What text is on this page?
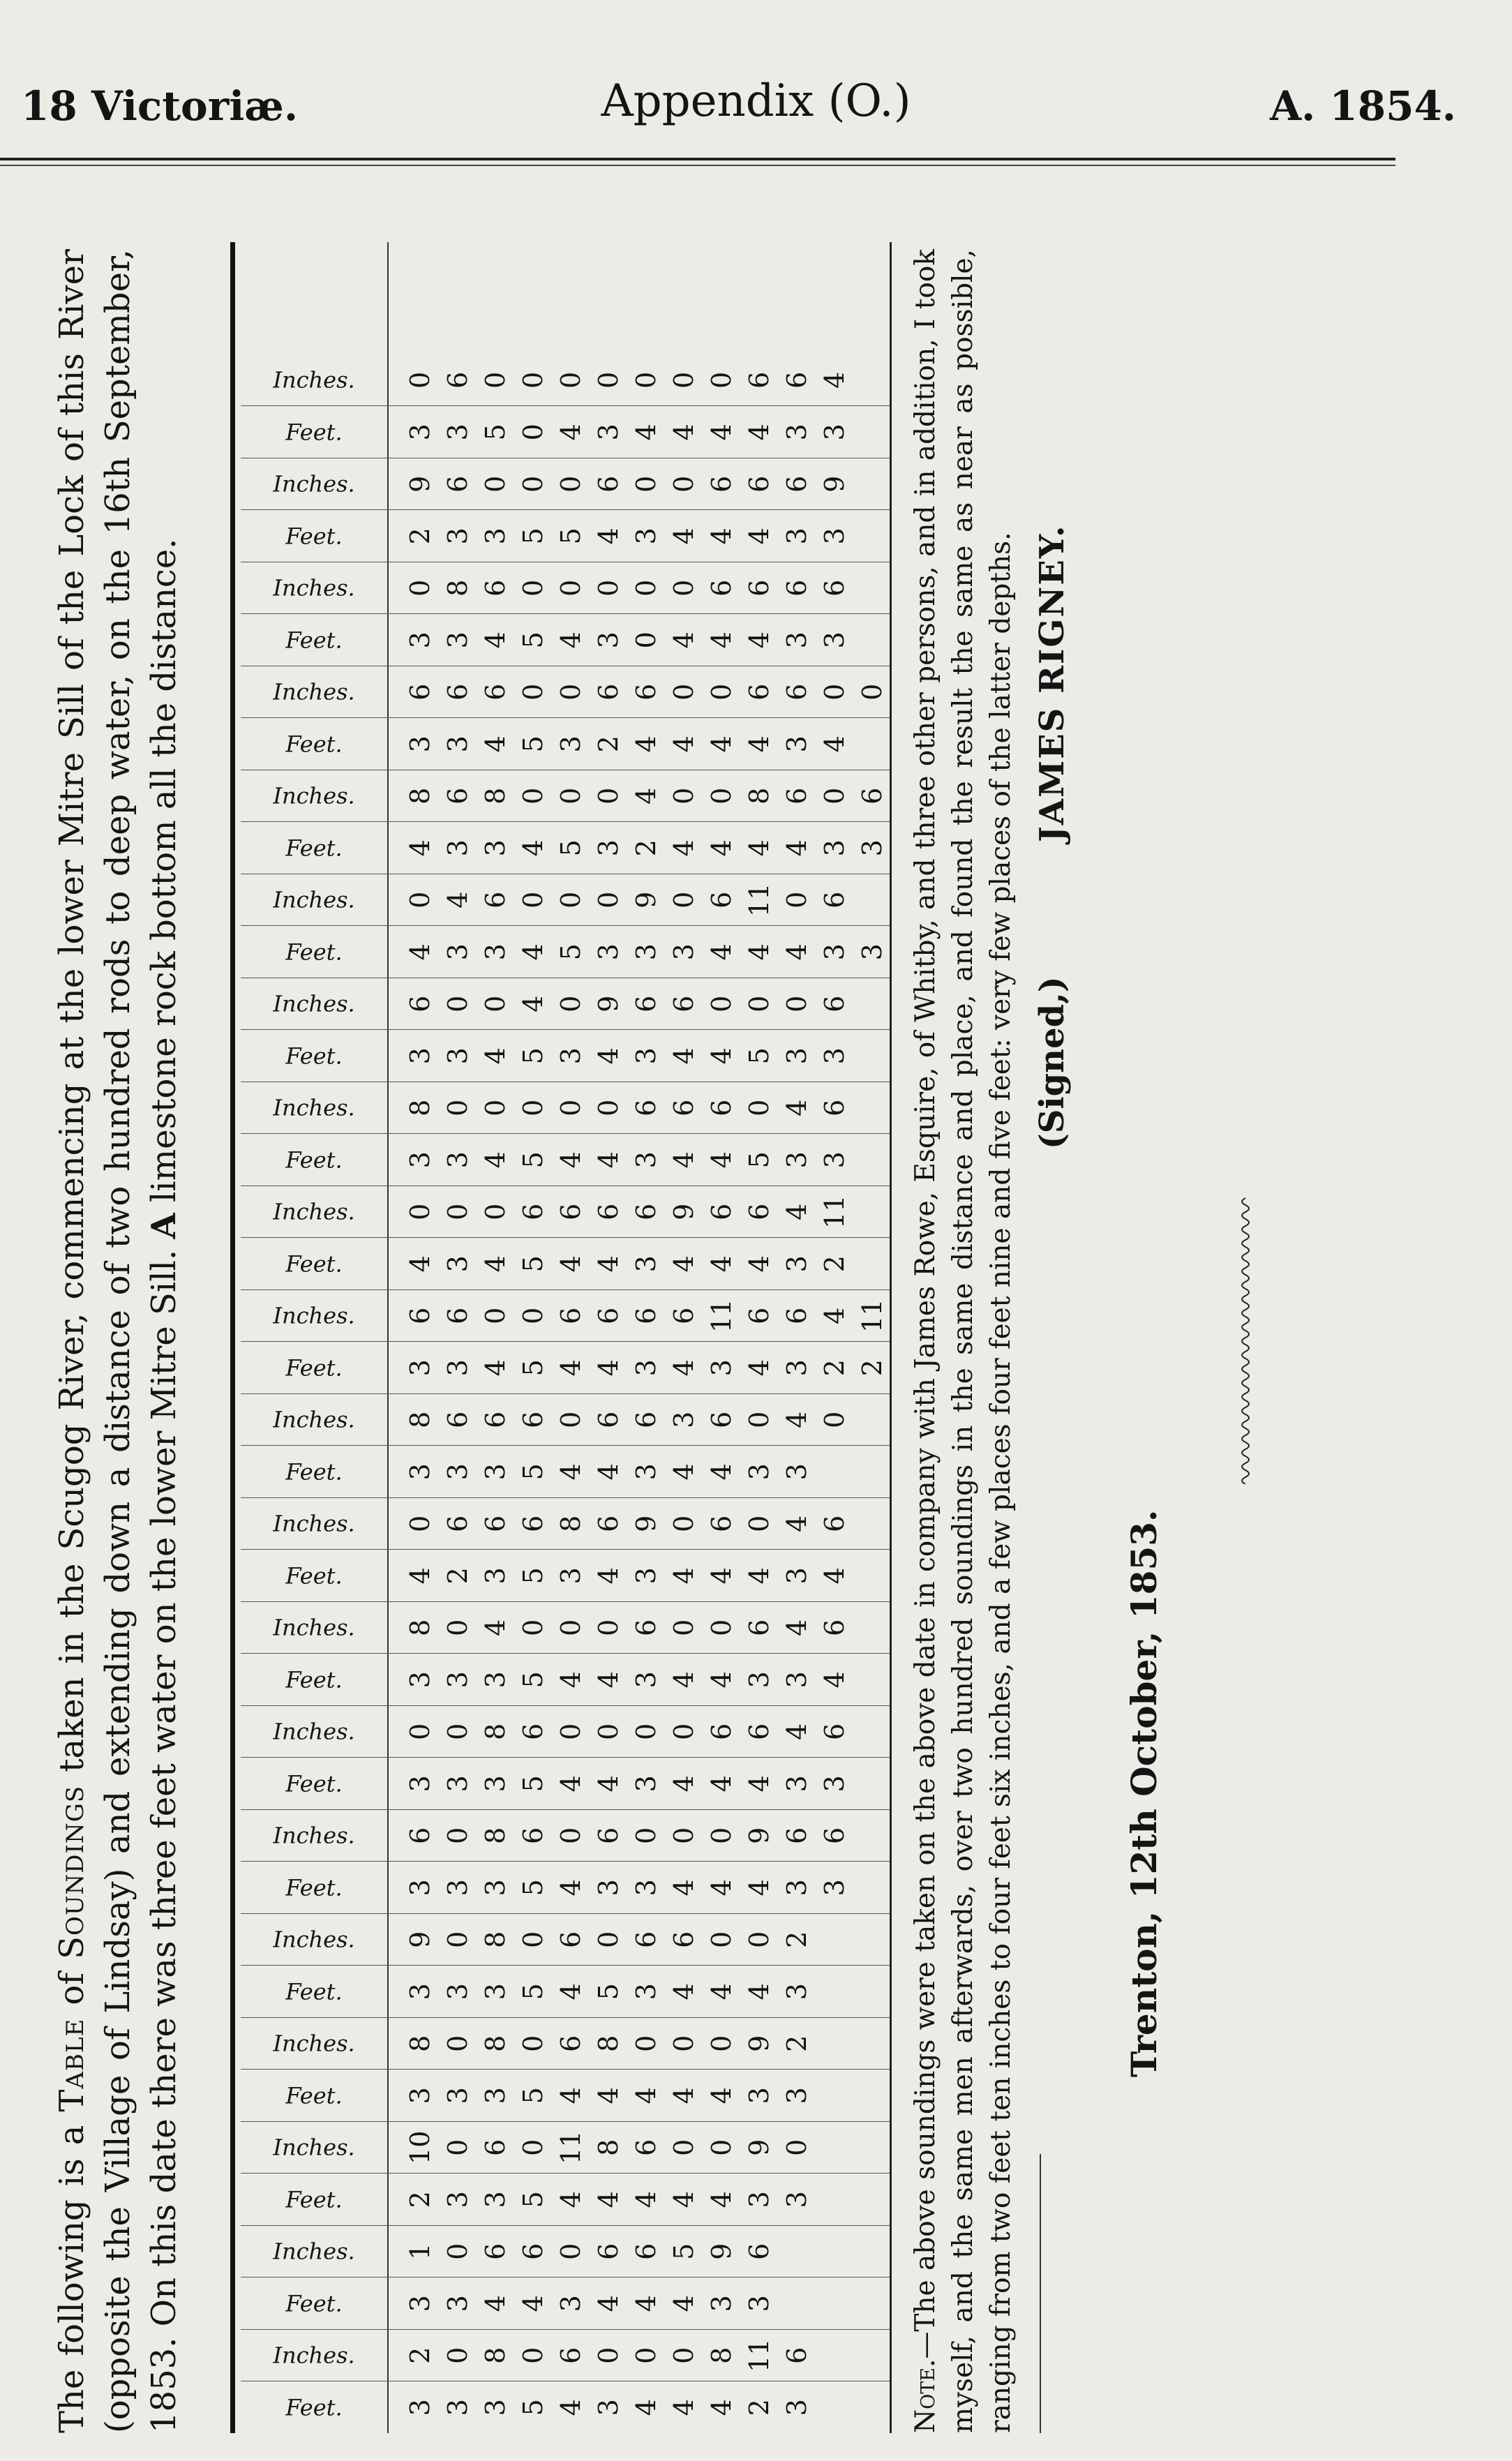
18 Victoriæ.	Appendix (O.)	A. 1854.
The following is a Table of Soundings taken in the Scugog River, commencing at the lower Mitre Sill of the Lock of this River (opposite the Village of Lindsay) and extending down a distance of two hundred rods to deep water, on the 16th September, 1853. On this date there was three feet water on the lower Mitre Sill. A limestone rock bottom all the distance.
Feet. 3 3 3 5 4 3 4 4 4 2 3
Inches. 2 0 8 0 6 0 0 0 8 11 6
Feet. 3 3 4 4 3 4 4 4 3 3
Inches. 1 0 6 6 0 6 6 5 9 6
Feet. 2 3 3 5 4 4 4 4 4 3 3
Inches. 10 0 6 0 11 8 6 0 0 9 0
Feet. 3 3 3 5 4 4 4 4 4 3 3
Inches. 8 0 8 0 6 8 0 0 0 9 2
Feet. 3 3 3 5 4 5 3 4 4 4 3
Inches. 9 0 8 0 6 0 6 6 0 0 2
Feet. 3 3 3 5 4 3 3 4 4 4 3 3
Inches. 6 0 8 6 0 6 0 0 0 9 6 6
Feet. 3 3 3 5 4 4 3 4 4 4 3 3
Inches. 0 0 8 6 0 0 0 0 6 6 4 6
Feet. 3 3 3 5 4 4 3 4 4 3 3 4
Inches. 8 0 4 0 0 0 6 0 0 6 4 6
Feet. 4 2 3 5 3 4 3 4 4 4 3 4
Inches. 0 6 6 6 8 6 9 0 6 0 4 6
Feet. 3 3 3 5 4 4 3 4 4 3 3
Inches. 8 6 6 6 0 6 6 3 6 0 4 0
Feet. 3 3 4 5 4 4 3 4 3 4 3 2 2
Inches. 6 6 0 0 6 6 6 6 11 6 6 4 11
Feet. 4 3 4 5 4 4 3 4 4 4 3 2
Inches. 0 0 0 6 6 6 6 9 6 6 4 11
Feet. 3 3 4 5 4 4 3 4 4 5 3 3
Inches. 8 0 0 0 0 0 6 6 6 0 4 6
Feet. 3 3 4 5 3 4 3 4 4 5 3 3
Inches. 6 0 0 4 0 9 6 6 0 0 0 6
Feet. 4 3 3 4 5 3 3 3 4 4 4 3 3
Inches. 0 4 6 0 0 0 9 0 6 11 0 6
Feet. 4 3 3 4 5 3 2 4 4 4 4 3 3
Inches. 8 6 8 0 0 0 4 0 0 8 6 0 6
Feet. 3 3 4 5 3 2 4 4 4 4 3 4
Inches. 6 6 6 0 0 6 6 0 0 6 6 0 0
Feet. 3 3 4 5 4 3 0 4 4 4 3 3
Inches. 0 8 6 0 0 0 0 0 6 6 6 6
Feet. 2 3 3 5 5 4 3 4 4 4 3 3
Inches. 9 6 0 0 0 6 0 0 6 6 6 9
Feet. 3 3 5 0 4 3 4 4 4 4 3 3
Inches. 0 6 0 0 0 0 0 0 0 6 6 4
Note.—The above soundings were taken on the above date in company with James Rowe, Esquire, of Whitby, and three other persons, and in addition, I took myself, and the same men afterwards, over two hundred soundings in the same distance and place, and found the result the same as near as possible, ranging from two feet ten inches to four feet six inches, and a few places four feet nine and five feet: very few places of the latter depths. (Signed,)
JAMES RIGNEY.
Trenton, 12th October, 1853.
